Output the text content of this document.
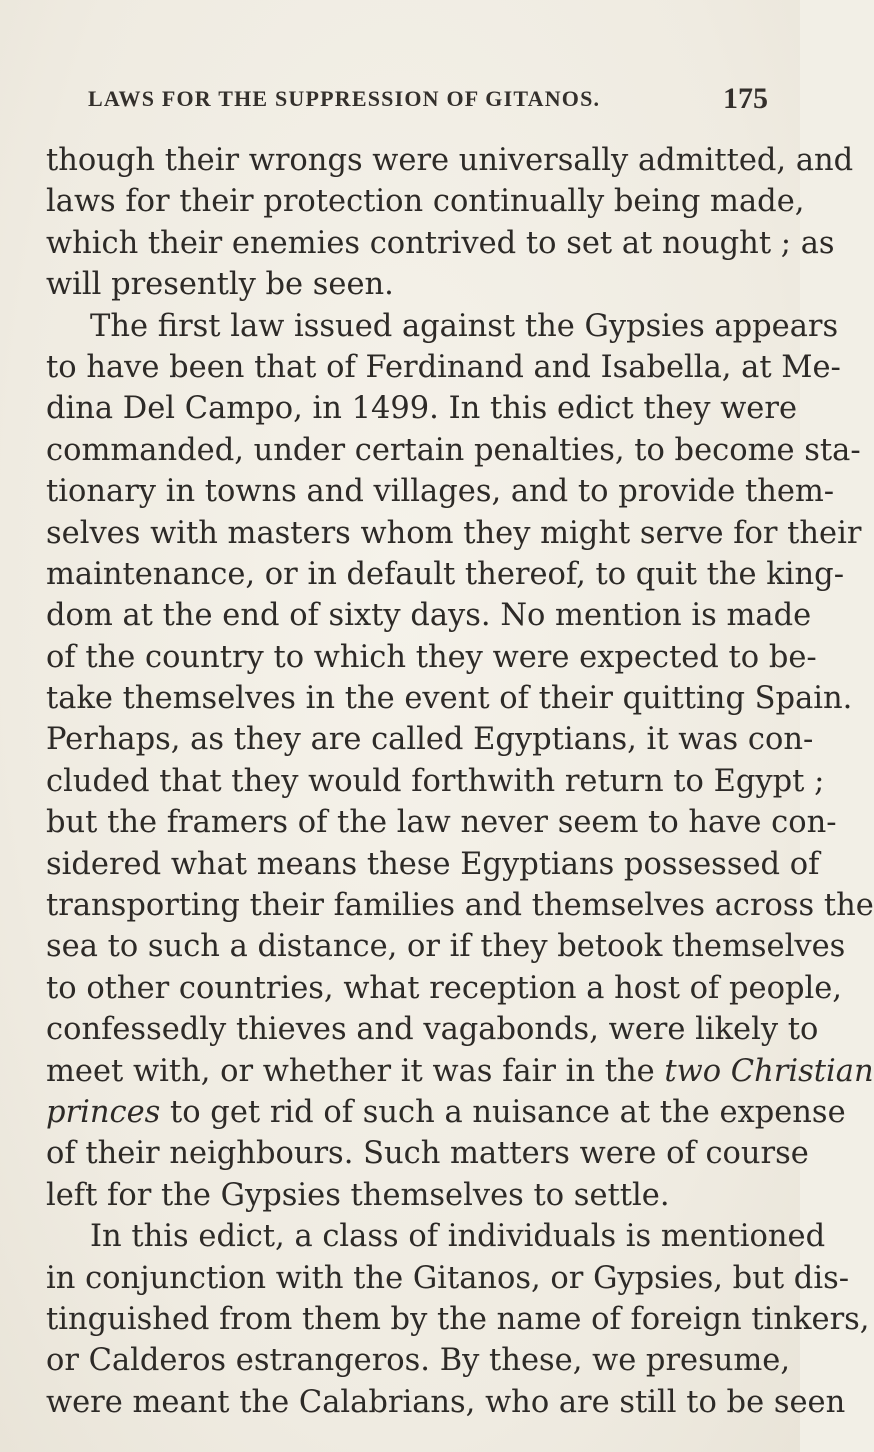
LAWS FOR THE SUPPRESSION OF GITANOS.	175
though their wrongs were universally admitted, and
laws for their protection continually being made,
which their enemies contrived to set at nought ; as
will presently be seen.
The first law issued against the Gypsies appears
to have been that of Ferdinand and Isabella, at Me-
dina Del Campo, in 1499. In this edict they were
commanded, under certain penalties, to become sta-
tionary in towns and villages, and to provide them-
selves with masters whom they might serve for their
maintenance, or in default thereof, to quit the king-
dom at the end of sixty days. No mention is made
of the country to which they were expected to be-
take themselves in the event of their quitting Spain.
Perhaps, as they are called Egyptians, it was con-
cluded that they would forthwith return to Egypt ;
but the framers of the law never seem to have con-
sidered what means these Egyptians possessed of
transporting their families and themselves across the
sea to such a distance, or if they betook themselves
to other countries, what reception a host of people,
confessedly thieves and vagabonds, were likely to
meet with, or whether it was fair in the two Christian
princes to get rid of such a nuisance at the expense
of their neighbours. Such matters were of course
left for the Gypsies themselves to settle.
In this edict, a class of individuals is mentioned
in conjunction with the Gitanos, or Gypsies, but dis-
tinguished from them by the name of foreign tinkers,
or Calderos estrangeros. By these, we presume,
were meant the Calabrians, who are still to be seen
